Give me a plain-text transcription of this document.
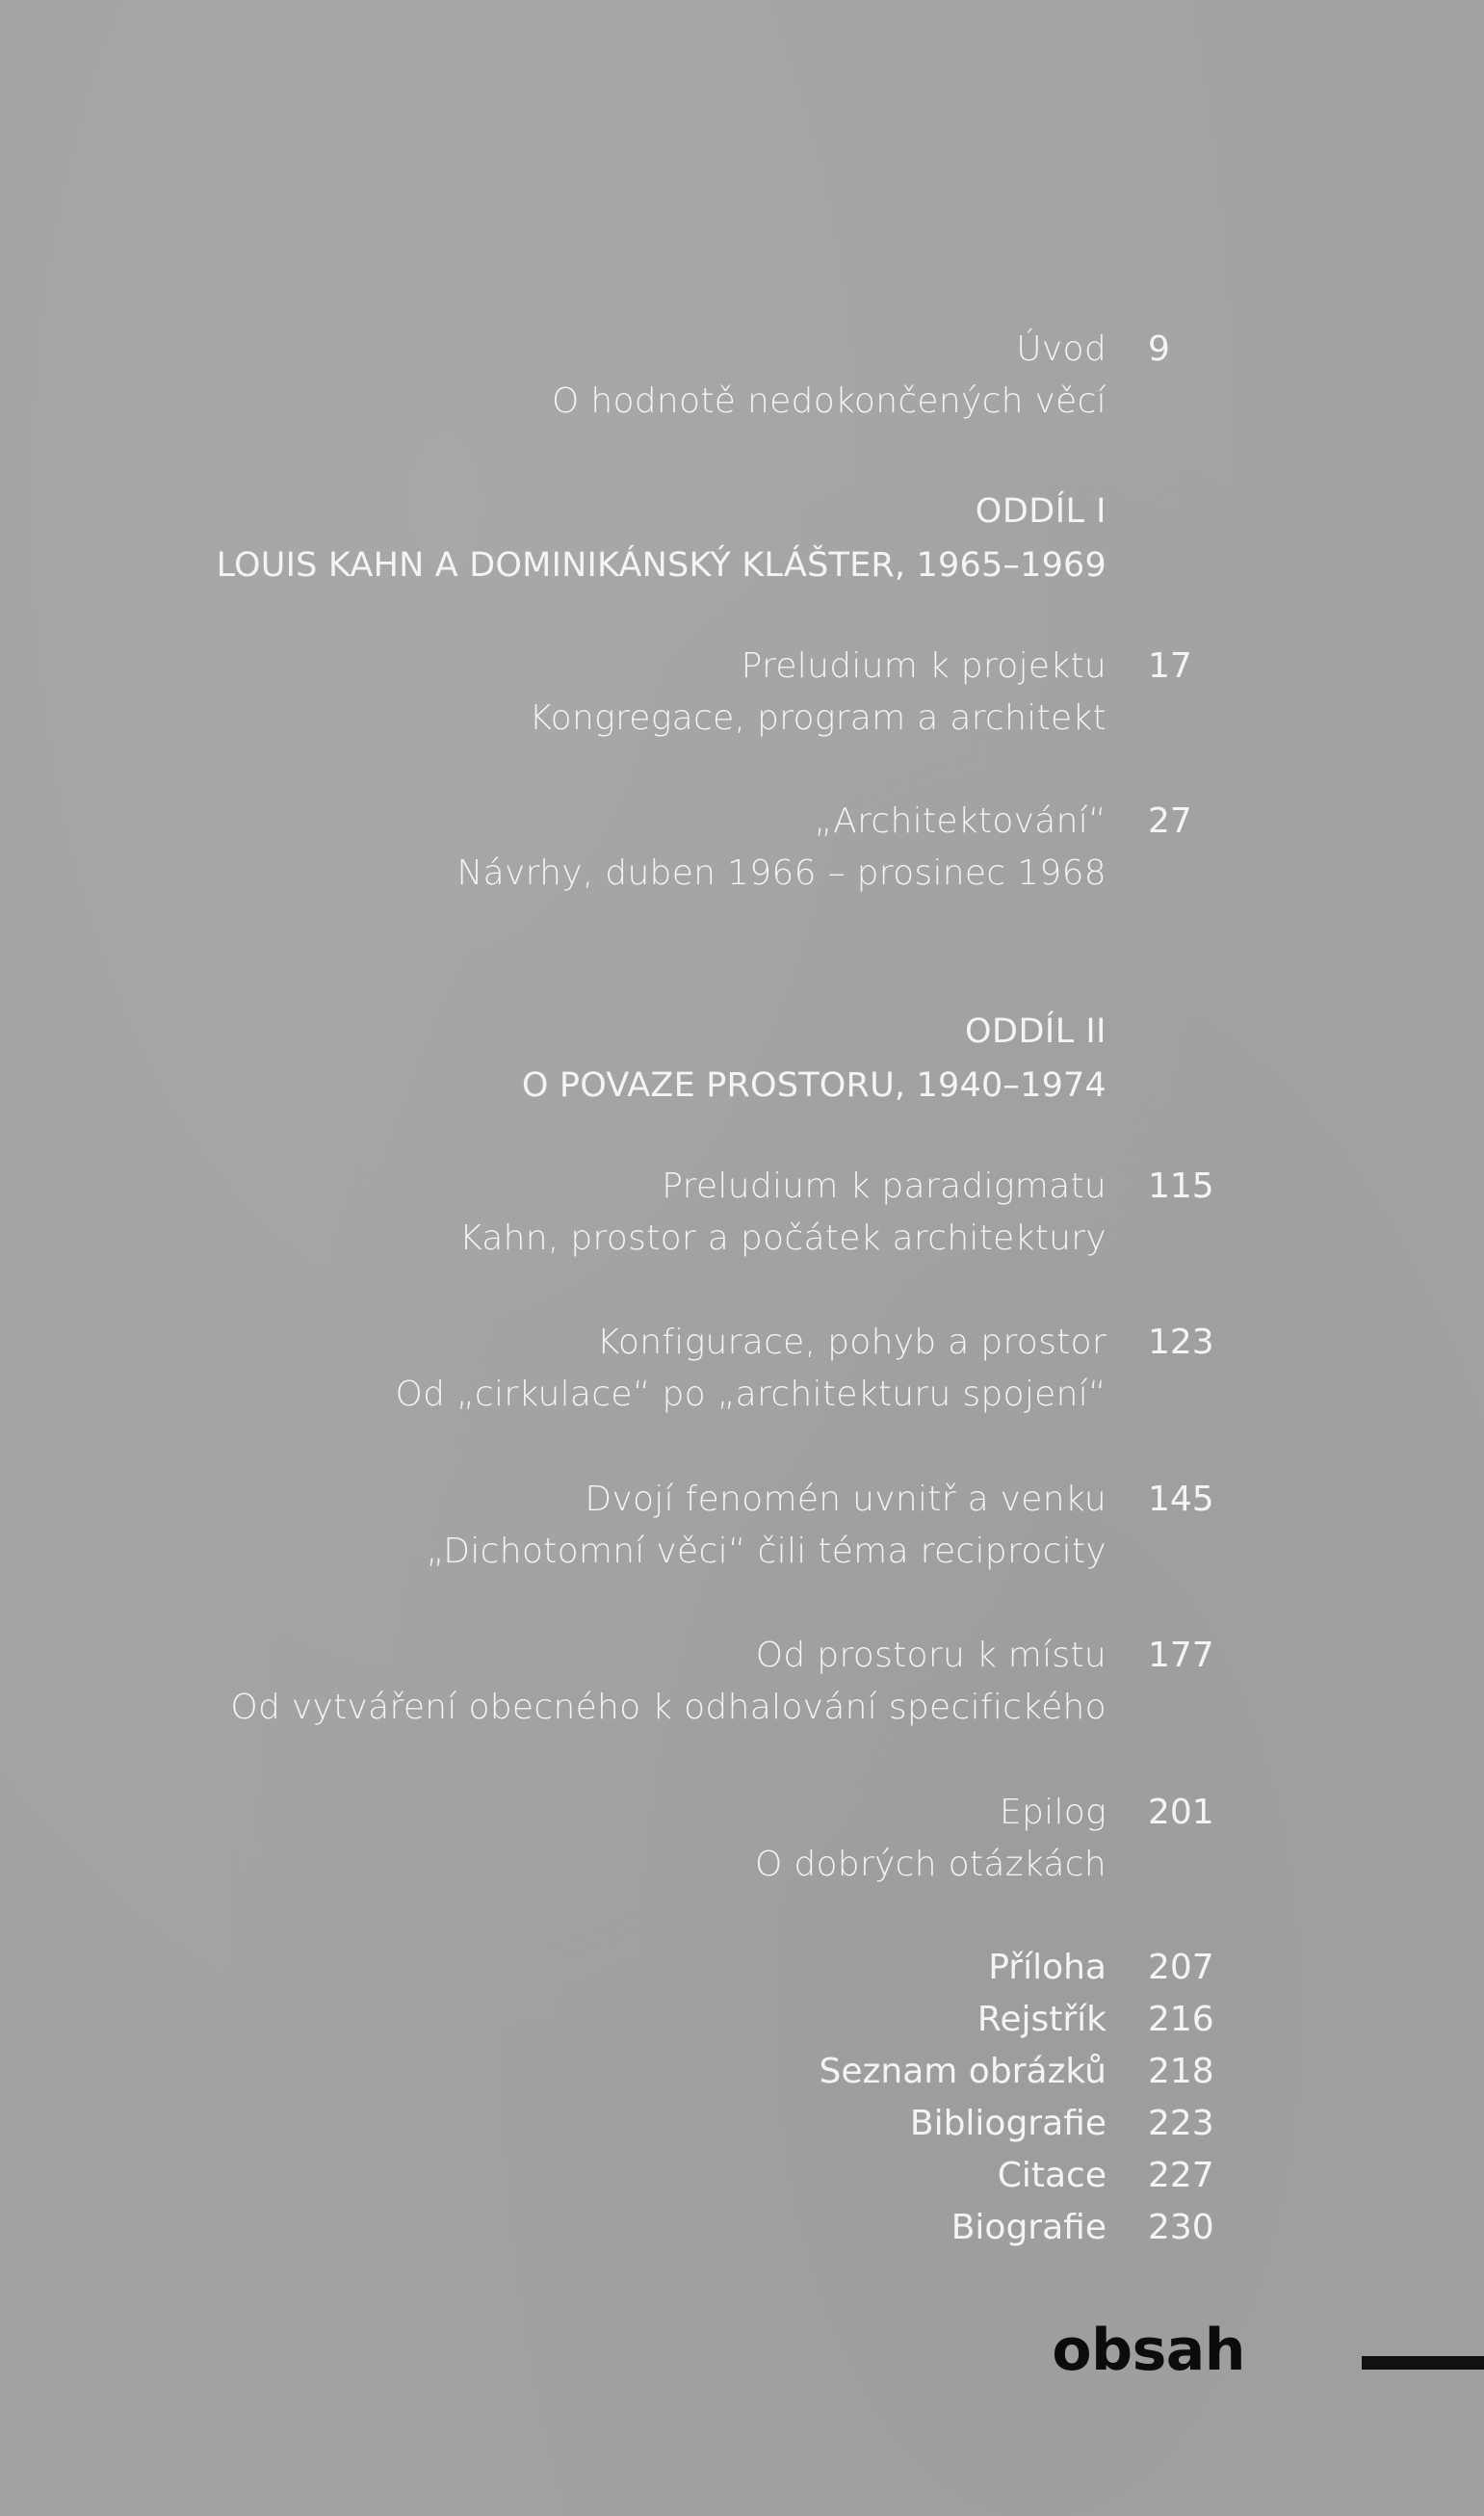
Úvod
O hodnotě nedokončených věcí
9
ODDÍL I
LOUIS KAHN A DOMINIKÁNSKÝ KLÁŠTER, 1965–1969
Preludium k projektu
Kongregace, program a architekt
17
„Architektování“
Návrhy, duben 1966 – prosinec 1968
27
ODDÍL II
O POVAZE PROSTORU, 1940–1974
Preludium k paradigmatu
Kahn, prostor a počátek architektury
115
Konfigurace, pohyb a prostor
Od „cirkulace“ po „architekturu spojení“
123
Dvojí fenomén uvnitř a venku
„Dichotomní věci“ čili téma reciprocity
145
Od prostoru k místu
Od vytváření obecného k odhalování specifického
177
Epilog
O dobrých otázkách
201
Příloha
Rejstřík
Seznam obrázků
Bibliografie
Citace
Biografie
207
216
218
223
227
230
obsah
